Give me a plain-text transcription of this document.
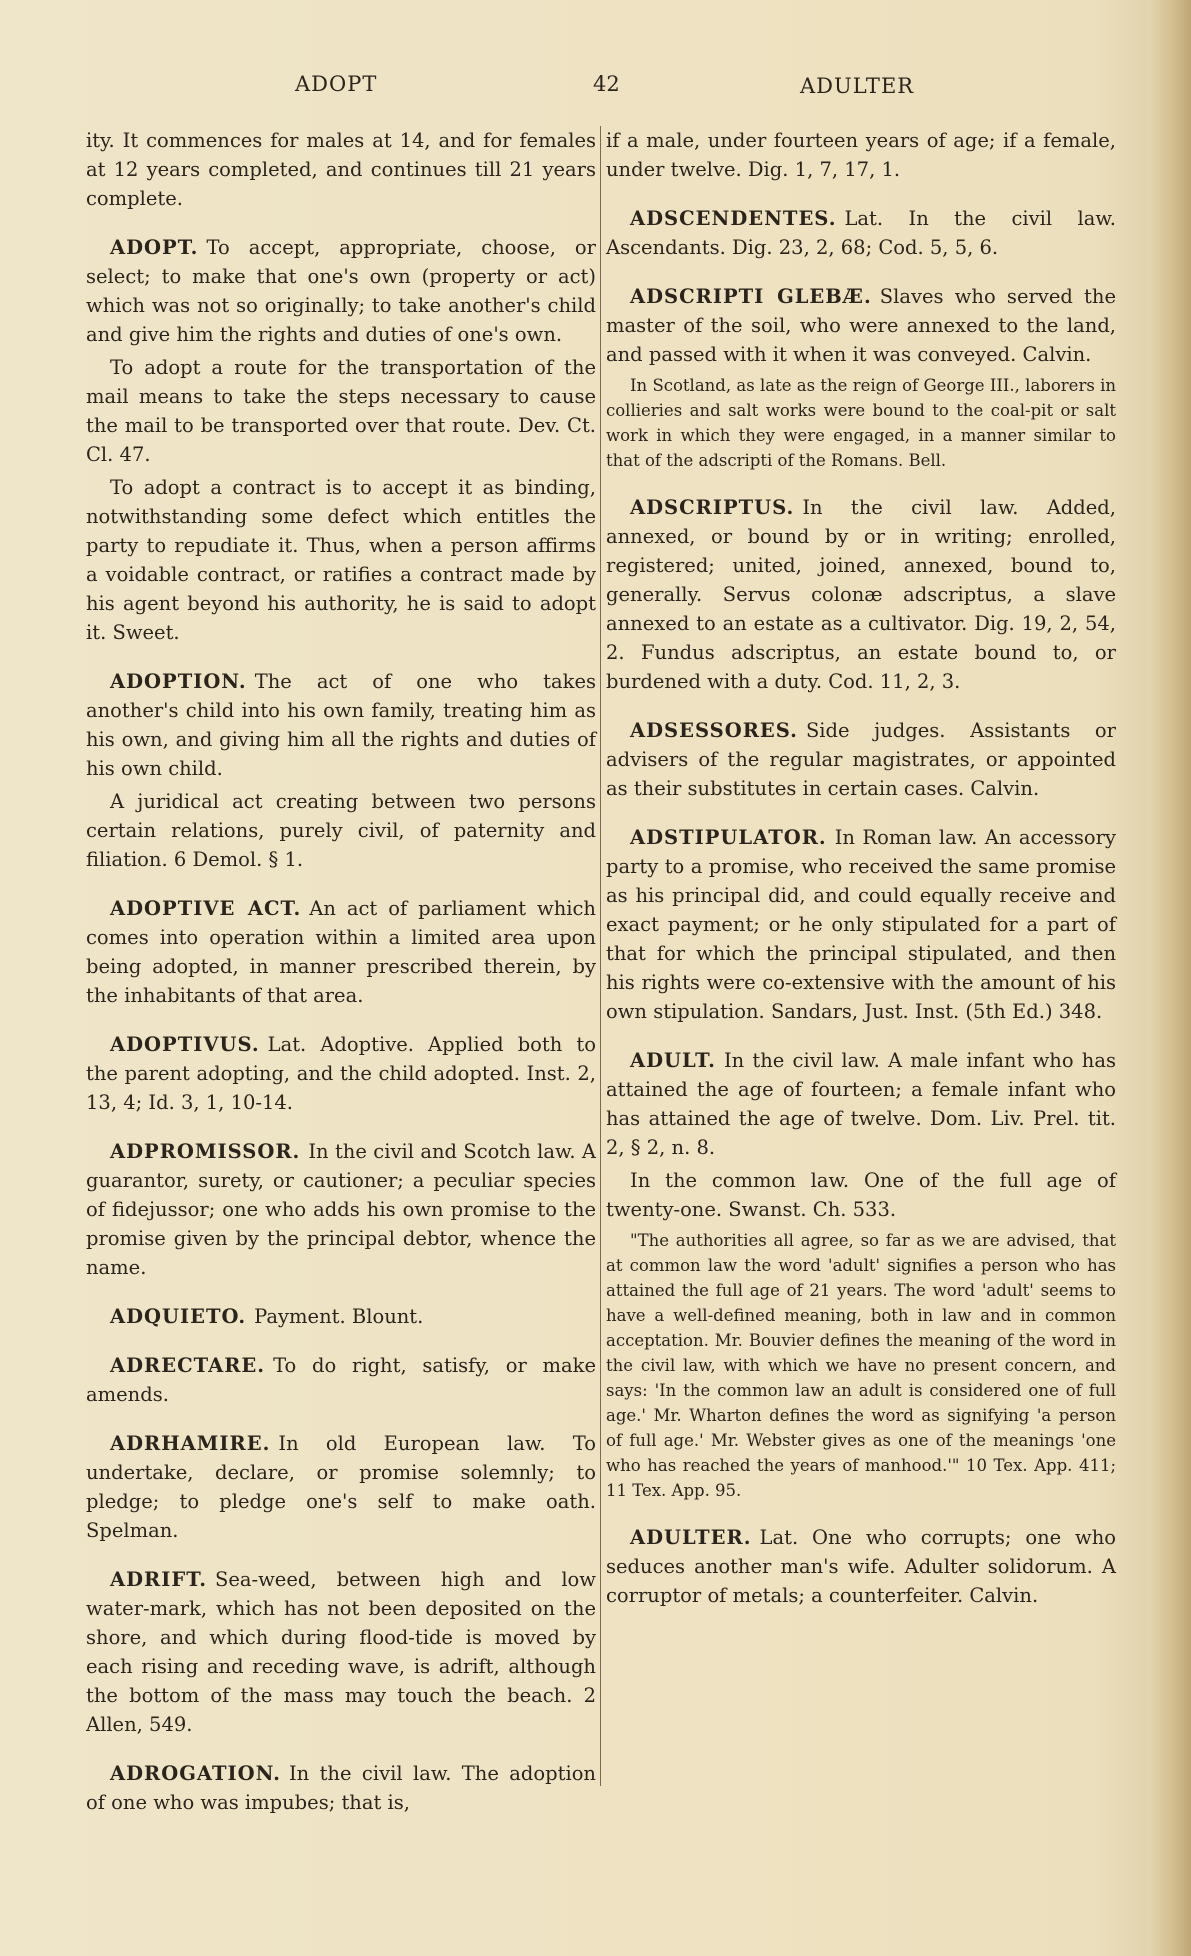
ADOPT	42	ADULTER

ity. It commences for males at 14, and for females at 12 years completed, and continues till 21 years complete.

ADOPT. To accept, appropriate, choose, or select; to make that one's own (property or act) which was not so originally; to take another's child and give him the rights and duties of one's own.

To adopt a route for the transportation of the mail means to take the steps necessary to cause the mail to be transported over that route. Dev. Ct. Cl. 47.

To adopt a contract is to accept it as binding, notwithstanding some defect which entitles the party to repudiate it. Thus, when a person affirms a voidable contract, or ratifies a contract made by his agent beyond his authority, he is said to adopt it. Sweet.

ADOPTION. The act of one who takes another's child into his own family, treating him as his own, and giving him all the rights and duties of his own child.

A juridical act creating between two persons certain relations, purely civil, of paternity and filiation. 6 Demol. § 1.

ADOPTIVE ACT. An act of parliament which comes into operation within a limited area upon being adopted, in manner prescribed therein, by the inhabitants of that area.

ADOPTIVUS. Lat. Adoptive. Applied both to the parent adopting, and the child adopted. Inst. 2, 13, 4; Id. 3, 1, 10-14.

ADPROMISSOR. In the civil and Scotch law. A guarantor, surety, or cautioner; a peculiar species of fidejussor; one who adds his own promise to the promise given by the principal debtor, whence the name.

ADQUIETO. Payment. Blount.

ADRECTARE. To do right, satisfy, or make amends.

ADRHAMIRE. In old European law. To undertake, declare, or promise solemnly; to pledge; to pledge one's self to make oath. Spelman.

ADRIFT. Sea-weed, between high and low water-mark, which has not been deposited on the shore, and which during flood-tide is moved by each rising and receding wave, is adrift, although the bottom of the mass may touch the beach. 2 Allen, 549.

ADROGATION. In the civil law. The adoption of one who was impubes; that is,

if a male, under fourteen years of age; if a female, under twelve. Dig. 1, 7, 17, 1.

ADSCENDENTES. Lat. In the civil law. Ascendants. Dig. 23, 2, 68; Cod. 5, 5, 6.

ADSCRIPTI GLEBÆ. Slaves who served the master of the soil, who were annexed to the land, and passed with it when it was conveyed. Calvin.

In Scotland, as late as the reign of George III., laborers in collieries and salt works were bound to the coal-pit or salt work in which they were engaged, in a manner similar to that of the adscripti of the Romans. Bell.

ADSCRIPTUS. In the civil law. Added, annexed, or bound by or in writing; enrolled, registered; united, joined, annexed, bound to, generally. Servus colonæ adscriptus, a slave annexed to an estate as a cultivator. Dig. 19, 2, 54, 2. Fundus adscriptus, an estate bound to, or burdened with a duty. Cod. 11, 2, 3.

ADSESSORES. Side judges. Assistants or advisers of the regular magistrates, or appointed as their substitutes in certain cases. Calvin.

ADSTIPULATOR. In Roman law. An accessory party to a promise, who received the same promise as his principal did, and could equally receive and exact payment; or he only stipulated for a part of that for which the principal stipulated, and then his rights were co-extensive with the amount of his own stipulation. Sandars, Just. Inst. (5th Ed.) 348.

ADULT. In the civil law. A male infant who has attained the age of fourteen; a female infant who has attained the age of twelve. Dom. Liv. Prel. tit. 2, § 2, n. 8.

In the common law. One of the full age of twenty-one. Swanst. Ch. 533.

"The authorities all agree, so far as we are advised, that at common law the word 'adult' signifies a person who has attained the full age of 21 years. The word 'adult' seems to have a well-defined meaning, both in law and in common acceptation. Mr. Bouvier defines the meaning of the word in the civil law, with which we have no present concern, and says: 'In the common law an adult is considered one of full age.' Mr. Wharton defines the word as signifying 'a person of full age.' Mr. Webster gives as one of the meanings 'one who has reached the years of manhood.'" 10 Tex. App. 411; 11 Tex. App. 95.

ADULTER. Lat. One who corrupts; one who seduces another man's wife. Adulter solidorum. A corruptor of metals; a counterfeiter. Calvin.
